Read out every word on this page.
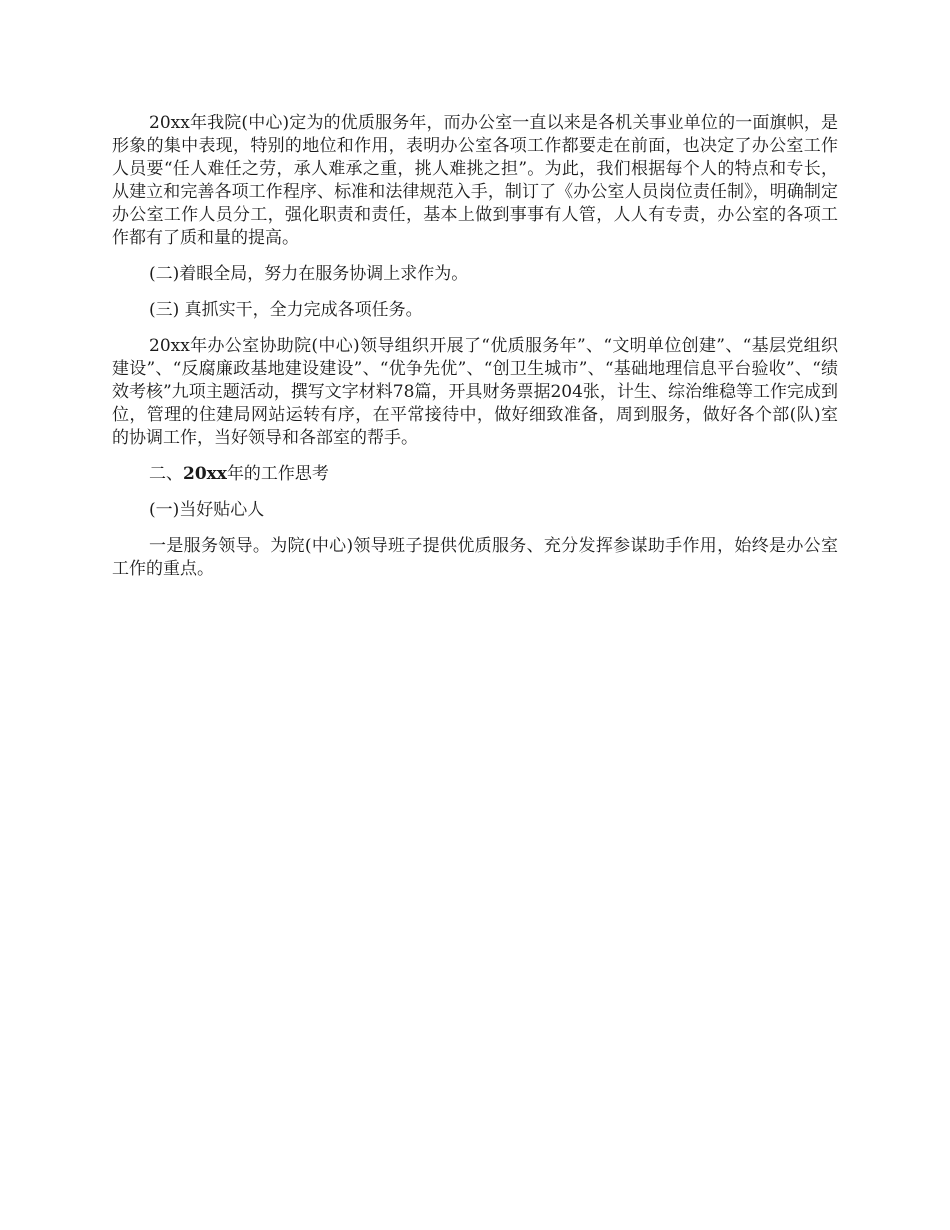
20xx年我院(中心)定为的优质服务年，而办公室一直以来是各机关事业单位的一面旗帜，是形象的集中表现，特别的地位和作用，表明办公室各项工作都要走在前面，也决定了办公室工作人员要“任人难任之劳，承人难承之重，挑人难挑之担”。为此，我们根据每个人的特点和专长，从建立和完善各项工作程序、标准和法律规范入手，制订了《办公室人员岗位责任制》，明确制定办公室工作人员分工，强化职责和责任，基本上做到事事有人管，人人有专责，办公室的各项工作都有了质和量的提高。

(二)着眼全局，努力在服务协调上求作为。

(三) 真抓实干，全力完成各项任务。

20xx年办公室协助院(中心)领导组织开展了“优质服务年”、“文明单位创建”、“基层党组织建设”、“反腐廉政基地建设建设”、“优争先优”、“创卫生城市”、“基础地理信息平台验收”、“绩效考核”九项主题活动，撰写文字材料78篇，开具财务票据204张，计生、综治维稳等工作完成到位，管理的住建局网站运转有序，在平常接待中，做好细致准备，周到服务，做好各个部(队)室的协调工作，当好领导和各部室的帮手。

二、20xx年的工作思考

(一)当好贴心人

一是服务领导。为院(中心)领导班子提供优质服务、充分发挥参谋助手作用，始终是办公室工作的重点。
